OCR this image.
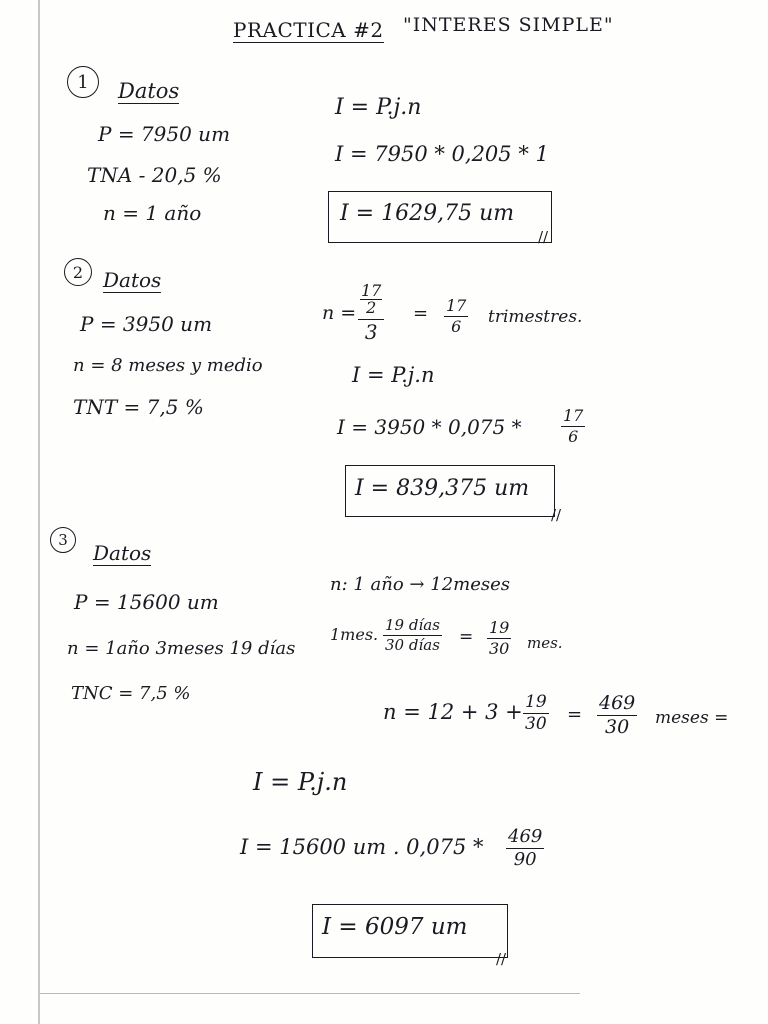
PRACTICA #2 "INTERES SIMPLE"
1	Datos
P = 7950 um
TNA - 20,5 %
n = 1 año
I = P.j.n
I = 7950 * 0,205 * 1
I = 1629,75 um
//
2 Datos
P = 3950 um
n = 8 meses y medio
TNT = 7,5 %
$n = \frac{17}{2}$
3
= $\frac{17}{6}$ trimestres.
I = P.j.n
$I = 3950 * 0,075 * \frac{17}{6}$
I = 839,375 um
//
3
Datos
P = 15600 um
n = 1año 3meses 19 días
TNC = 7,5 %
n: 1 año → 12meses
1mes. 19 días
30 días = $\frac{19}{30}$ mes.
$n = 12 + 3 + \frac{19}{30} = \frac{469}{30}$ meses =
I = P.j.n
I = 15600 um . $0,075 * \frac{469}{90}$
I = 6097 um
//
